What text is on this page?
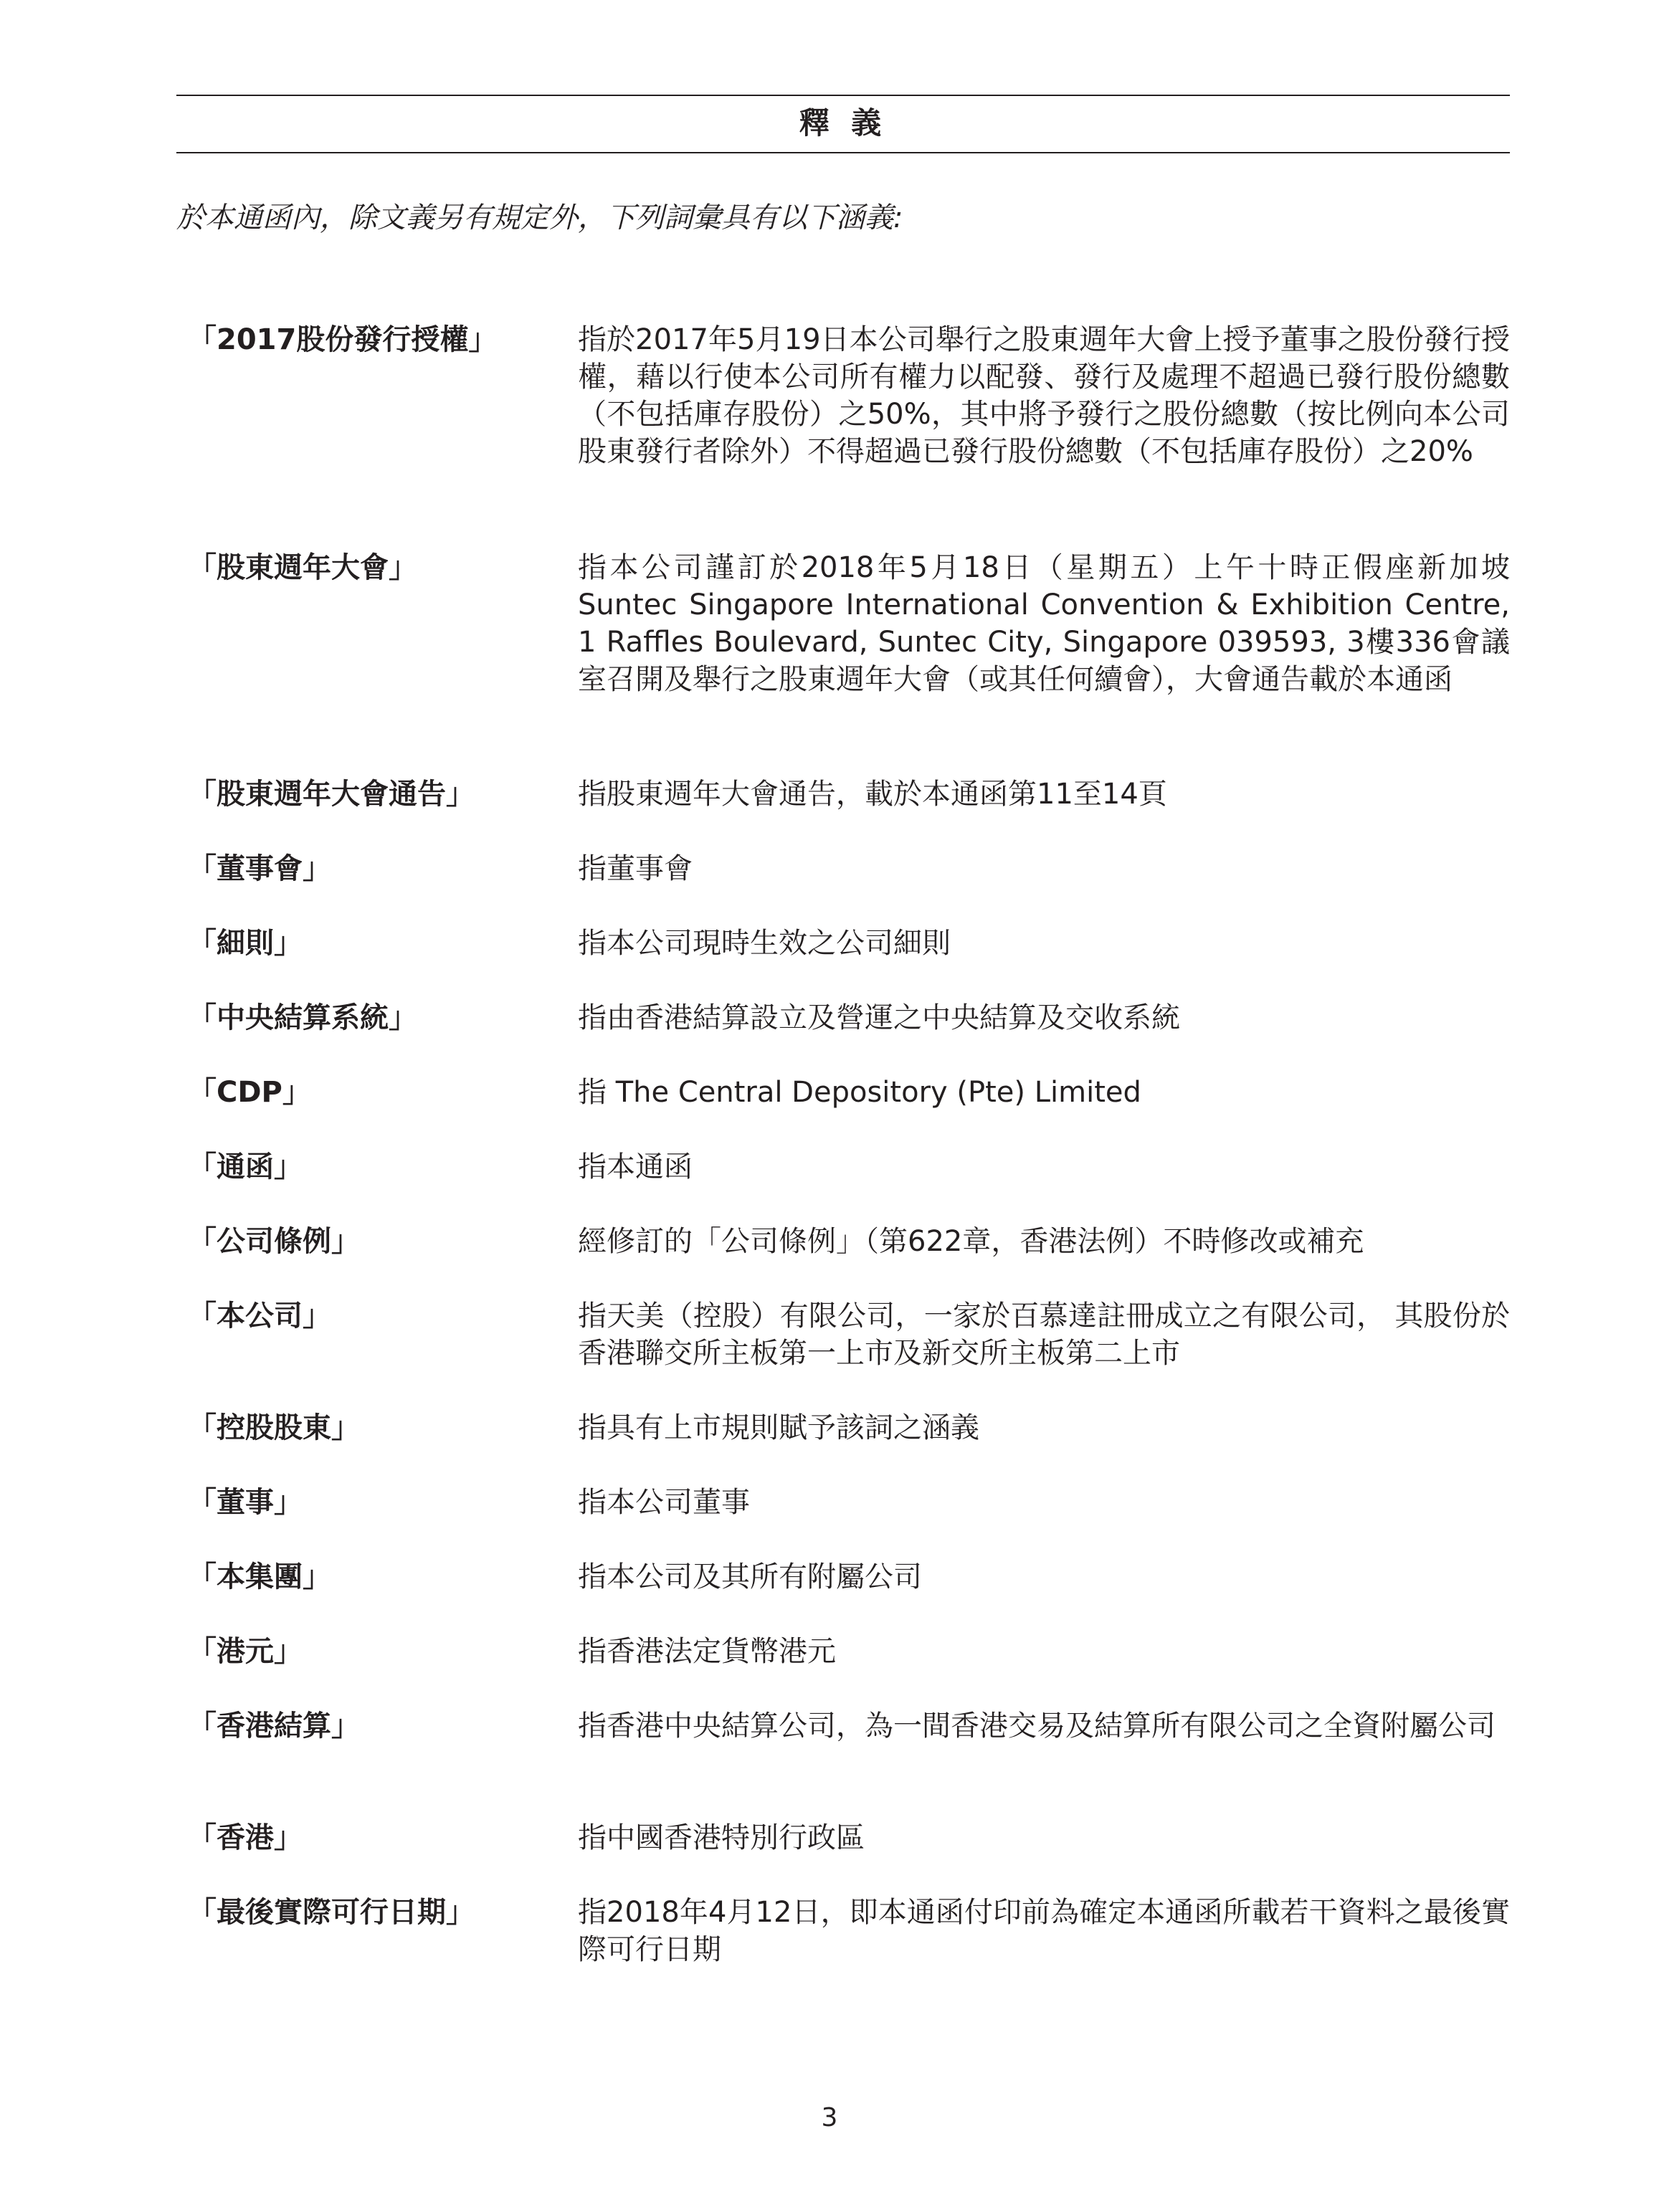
釋 義
於本通函內，除文義另有規定外，下列詞彙具有以下涵義:
「2017股份發行授權」	指於2017年5月19日本公司舉行之股東週年大會上授予董事之股份發行授權，藉以行使本公司所有權力以配發、發行及處理不超過已發行股份總數（不包括庫存股份）之50%，其中將予發行之股份總數（按比例向本公司股東發行者除外）不得超過已發行股份總數（不包括庫存股份）之20%
「股東週年大會」	指本公司謹訂於2018年5月18日（星期五）上午十時正假座新加坡Suntec Singapore International Convention & Exhibition Centre, 1 Raffles Boulevard, Suntec City, Singapore 039593, 3樓336會議室召開及舉行之股東週年大會（或其任何續會），大會通告載於本通函
「股東週年大會通告」	指股東週年大會通告，載於本通函第11至14頁
「董事會」	指董事會
「細則」	指本公司現時生效之公司細則
「中央結算系統」	指由香港結算設立及營運之中央結算及交收系統
「CDP」	指 The Central Depository (Pte) Limited
「通函」	指本通函
「公司條例」	經修訂的「公司條例」（第622章，香港法例）不時修改或補充
「本公司」	指天美（控股）有限公司，一家於百慕達註冊成立之有限公司， 其股份於香港聯交所主板第一上市及新交所主板第二上市
「控股股東」	指具有上市規則賦予該詞之涵義
「董事」	指本公司董事
「本集團」	指本公司及其所有附屬公司
「港元」	指香港法定貨幣港元
「香港結算」	指香港中央結算公司，為一間香港交易及結算所有限公司之全資附屬公司
「香港」	指中國香港特別行政區
「最後實際可行日期」	指2018年4月12日，即本通函付印前為確定本通函所載若干資料之最後實際可行日期
3
